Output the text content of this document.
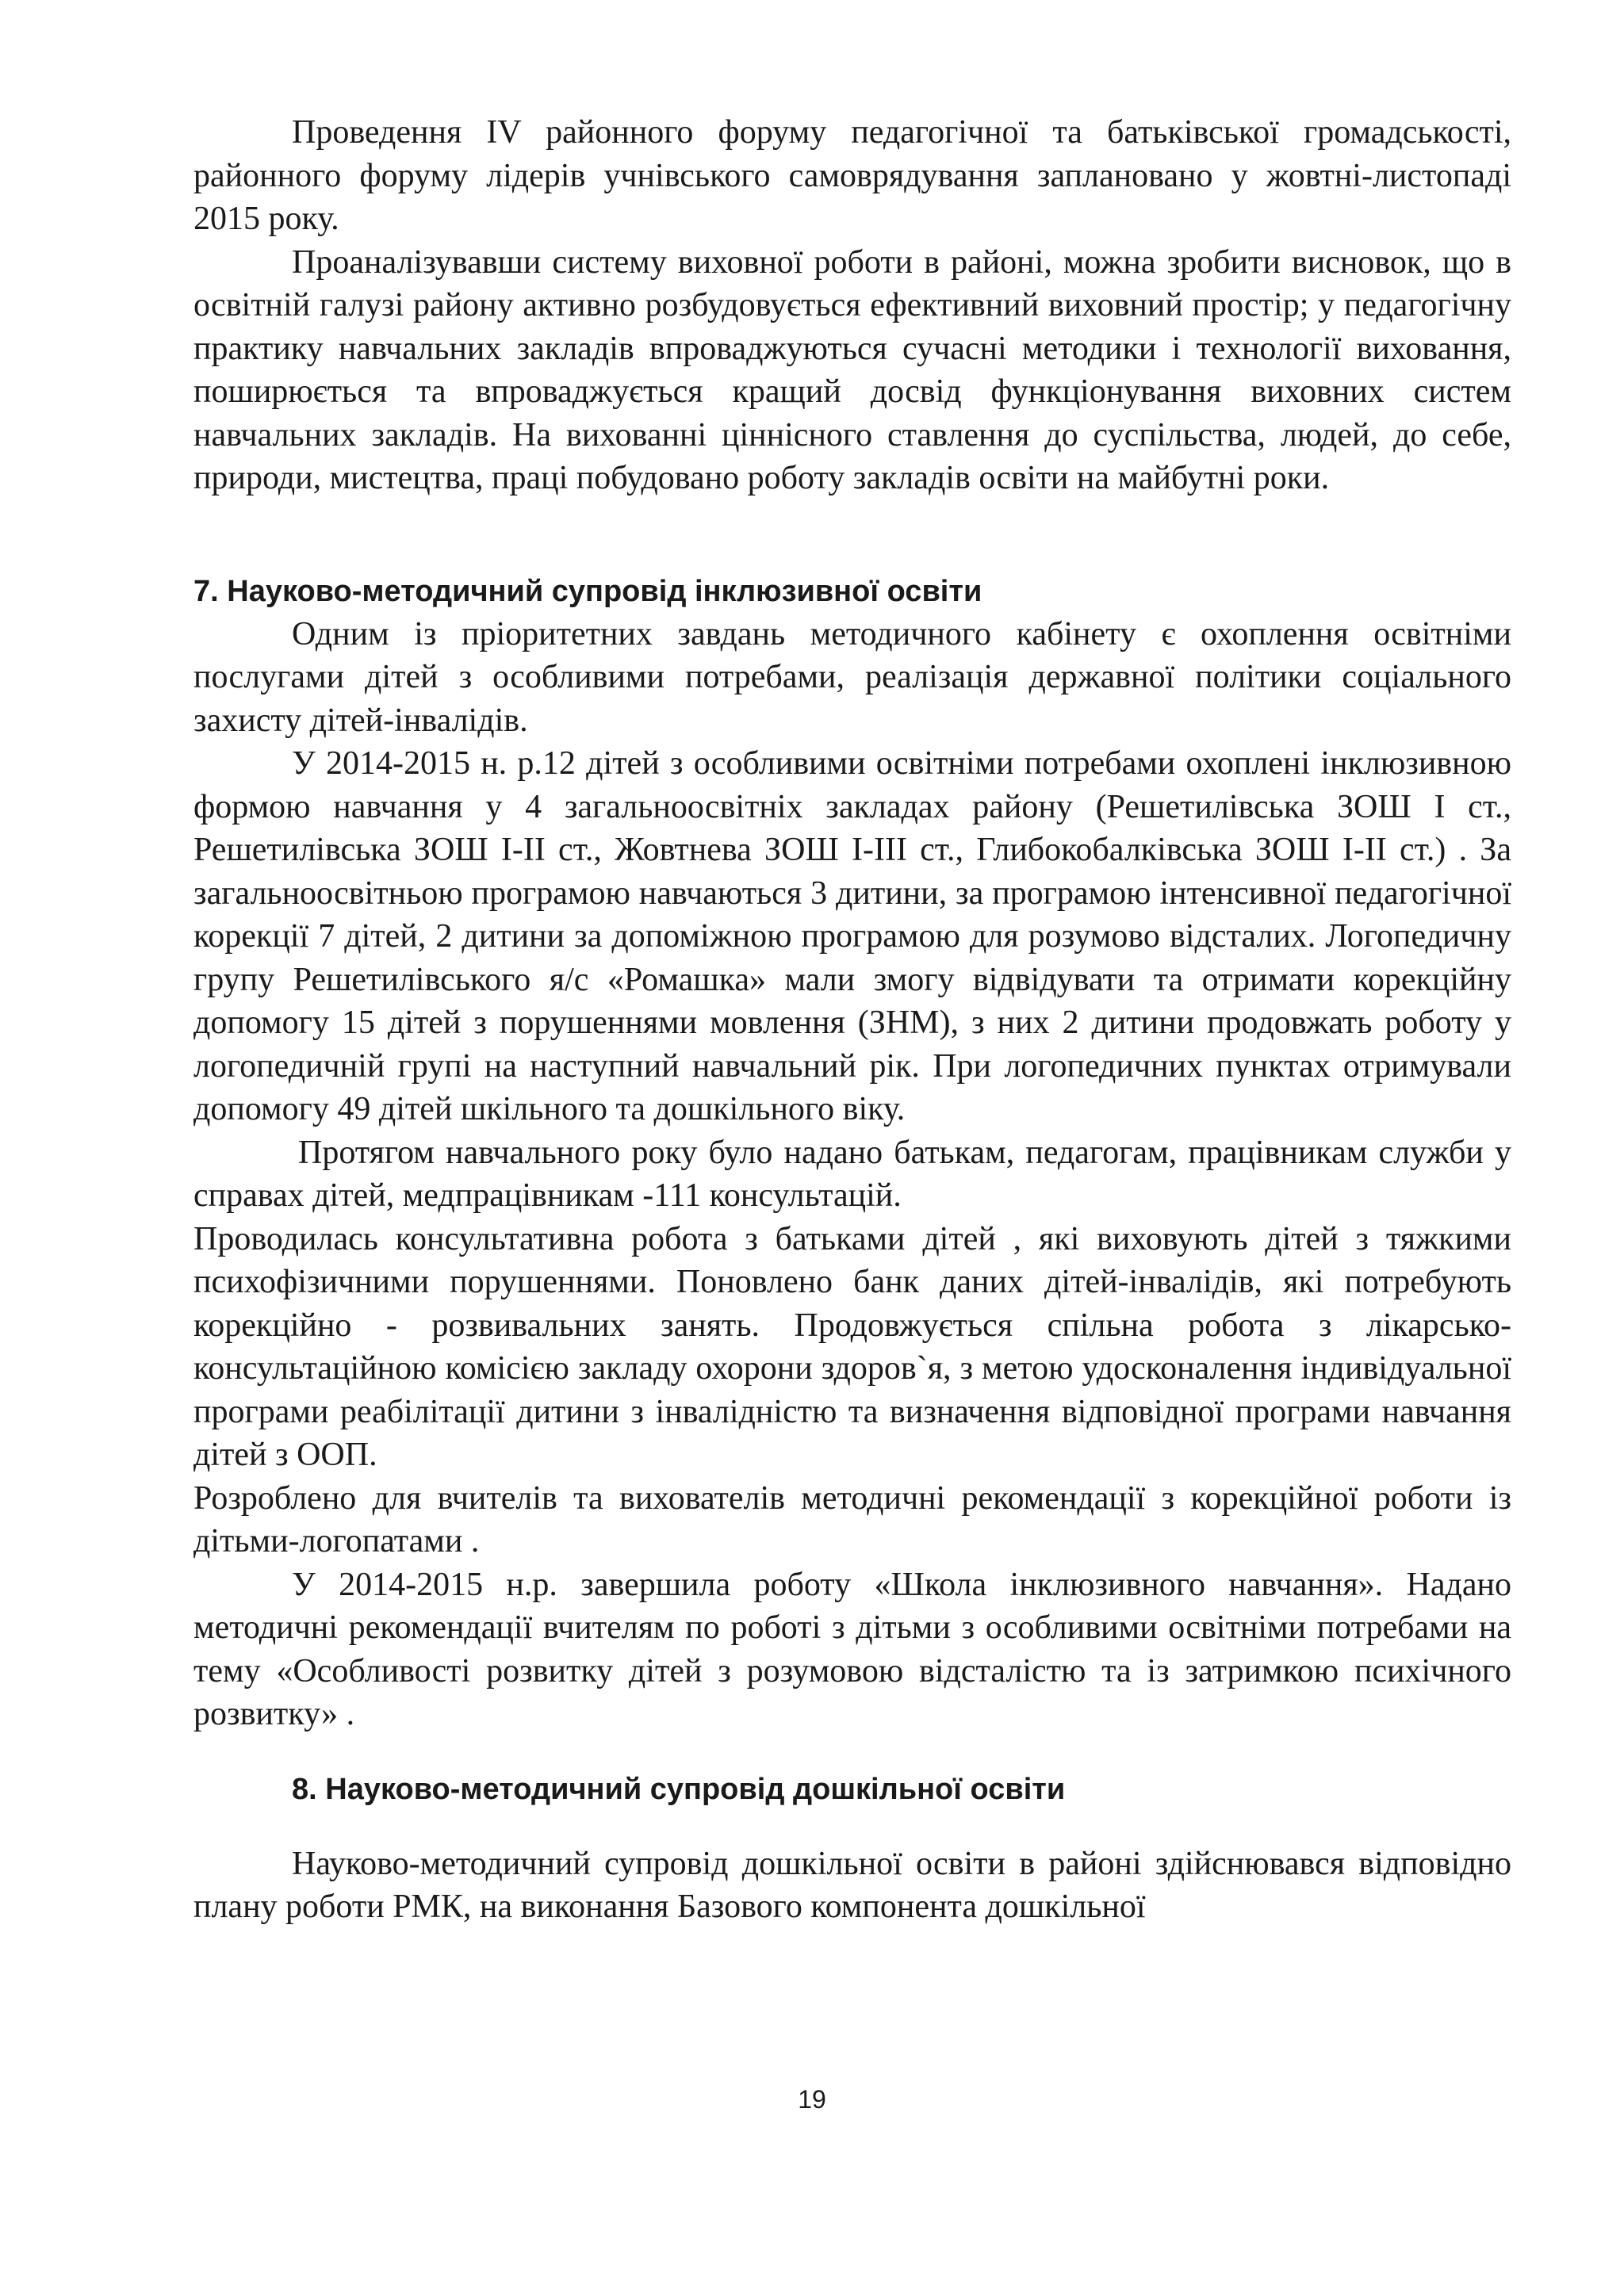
Проведення IV районного форуму педагогічної та батьківської громадськості, районного форуму лідерів учнівського самоврядування заплановано у жовтні-листопаді 2015 року.

Проаналізувавши систему виховної роботи в районі, можна зробити висновок, що в освітній галузі району активно розбудовується ефективний виховний простір; у педагогічну практику навчальних закладів впроваджуються сучасні методики і технології виховання, поширюється та впроваджується кращий досвід функціонування виховних систем навчальних закладів. На вихованні ціннісного ставлення до суспільства, людей, до себе, природи, мистецтва, праці побудовано роботу закладів освіти на майбутні роки.

7. Науково-методичний супровід інклюзивної освіти

Одним із пріоритетних завдань методичного кабінету є охоплення освітніми послугами дітей з особливими потребами, реалізація державної політики соціального захисту дітей-інвалідів.

У 2014-2015 н. р.12 дітей з особливими освітніми потребами охоплені інклюзивною формою навчання у 4 загальноосвітніх закладах району (Решетилівська ЗОШ І ст., Решетилівська ЗОШ І-ІІ ст., Жовтнева ЗОШ І-ІІІ ст., Глибокобалківська ЗОШ І-ІІ ст.) . За загальноосвітньою програмою навчаються 3 дитини, за програмою інтенсивної педагогічної корекції 7 дітей, 2 дитини за допоміжною програмою для розумово відсталих. Логопедичну групу Решетилівського я/с «Ромашка» мали змогу відвідувати та отримати корекційну допомогу 15 дітей з порушеннями мовлення (ЗНМ), з них 2 дитини продовжать роботу у логопедичній групі на наступний навчальний рік. При логопедичних пунктах отримували допомогу 49 дітей шкільного та дошкільного віку.

Протягом навчального року було надано батькам, педагогам, працівникам служби у справах дітей, медпрацівникам -111 консультацій.

Проводилась консультативна робота з батьками дітей , які виховують дітей з тяжкими психофізичними порушеннями. Поновлено банк даних дітей-інвалідів, які потребують корекційно - розвивальних занять. Продовжується спільна робота з лікарсько-консультаційною комісією закладу охорони здоров`я, з метою удосконалення індивідуальної програми реабілітації дитини з інвалідністю та визначення відповідної програми навчання дітей з ООП.

Розроблено для вчителів та вихователів методичні рекомендації з корекційної роботи із дітьми-логопатами .

У 2014-2015 н.р. завершила роботу «Школа інклюзивного навчання». Надано методичні рекомендації вчителям по роботі з дітьми з особливими освітніми потребами на тему «Особливості розвитку дітей з розумовою відсталістю та із затримкою психічного розвитку» .

8. Науково-методичний супровід дошкільної освіти

Науково-методичний супровід дошкільної освіти в районі здійснювався відповідно плану роботи РМК, на виконання Базового компонента дошкільної

19
